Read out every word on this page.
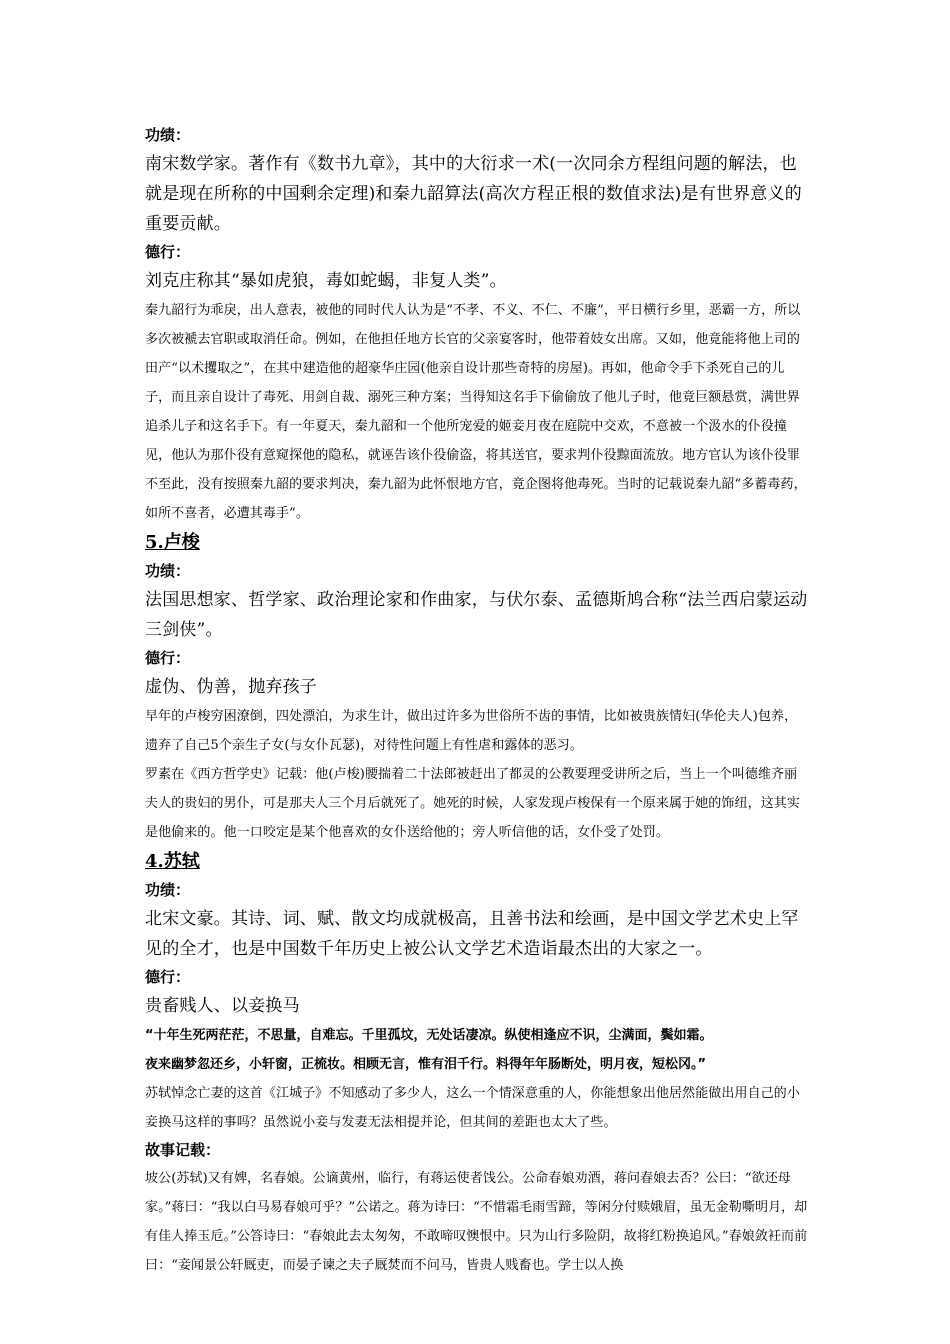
功绩：

南宋数学家。著作有《数书九章》，其中的大衍求一术(一次同余方程组问题的解法，也就是现在所称的中国剩余定理)和秦九韶算法(高次方程正根的数值求法)是有世界意义的重要贡献。

德行：

刘克庄称其“暴如虎狼，毒如蛇蝎，非复人类”。

秦九韶行为乖戾，出人意表，被他的同时代人认为是“不孝、不义、不仁、不廉”，平日横行乡里，恶霸一方，所以多次被褫去官职或取消任命。例如，在他担任地方长官的父亲宴客时，他带着妓女出席。又如，他竟能将他上司的田产“以术攫取之”，在其中建造他的超豪华庄园(他亲自设计那些奇特的房屋)。再如，他命令手下杀死自己的儿子，而且亲自设计了毒死、用剑自裁、溺死三种方案；当得知这名手下偷偷放了他儿子时，他竟巨额悬赏，满世界追杀儿子和这名手下。有一年夏天，秦九韶和一个他所宠爱的姬妾月夜在庭院中交欢，不意被一个汲水的仆役撞见，他认为那仆役有意窥探他的隐私，就诬告该仆役偷盗，将其送官，要求判仆役黥面流放。地方官认为该仆役罪不至此，没有按照秦九韶的要求判决，秦九韶为此怀恨地方官，竟企图将他毒死。当时的记载说秦九韶“多蓄毒药，如所不喜者，必遭其毒手”。

5.卢梭

功绩：

法国思想家、哲学家、政治理论家和作曲家，与伏尔泰、孟德斯鸠合称“法兰西启蒙运动三剑侠”。

德行：

虚伪、伪善，抛弃孩子

早年的卢梭穷困潦倒，四处漂泊，为求生计，做出过许多为世俗所不齿的事情，比如被贵族情妇(华伦夫人)包养，遗弃了自己5个亲生子女(与女仆瓦瑟)，对待性问题上有性虐和露体的恶习。

罗素在《西方哲学史》记载：他(卢梭)腰揣着二十法郎被赶出了都灵的公教要理受讲所之后，当上一个叫德维齐丽夫人的贵妇的男仆，可是那夫人三个月后就死了。她死的时候，人家发现卢梭保有一个原来属于她的饰纽，这其实是他偷来的。他一口咬定是某个他喜欢的女仆送给他的；旁人听信他的话，女仆受了处罚。

4.苏轼

功绩：

北宋文豪。其诗、词、赋、散文均成就极高，且善书法和绘画，是中国文学艺术史上罕见的全才，也是中国数千年历史上被公认文学艺术造诣最杰出的大家之一。

德行：

贵畜贱人、以妾换马

“十年生死两茫茫，不思量，自难忘。千里孤坟，无处话凄凉。纵使相逢应不识，尘满面，鬓如霜。

夜来幽梦忽还乡，小轩窗，正梳妆。相顾无言，惟有泪千行。料得年年肠断处，明月夜，短松冈。”

苏轼悼念亡妻的这首《江城子》不知感动了多少人，这么一个情深意重的人，你能想象出他居然能做出用自己的小妾换马这样的事吗？虽然说小妾与发妻无法相提并论，但其间的差距也太大了些。

故事记载：

坡公(苏轼)又有婢，名春娘。公谪黄州，临行，有蒋运使者饯公。公命春娘劝酒，蒋问春娘去否？公曰：“欲还母家。”蒋曰：“我以白马易春娘可乎？”公诺之。蒋为诗曰：“不惜霜毛雨雪蹄，等闲分付赎娥眉，虽无金勒嘶明月，却有佳人捧玉卮。”公答诗曰：“春娘此去太匆匆，不敢啼叹懊恨中。只为山行多险阴，故将红粉换追风。”春娘敛衽而前曰：“妾闻景公轩厩吏，而晏子谏之夫子厩焚而不问马，皆贵人贱畜也。学士以人换
